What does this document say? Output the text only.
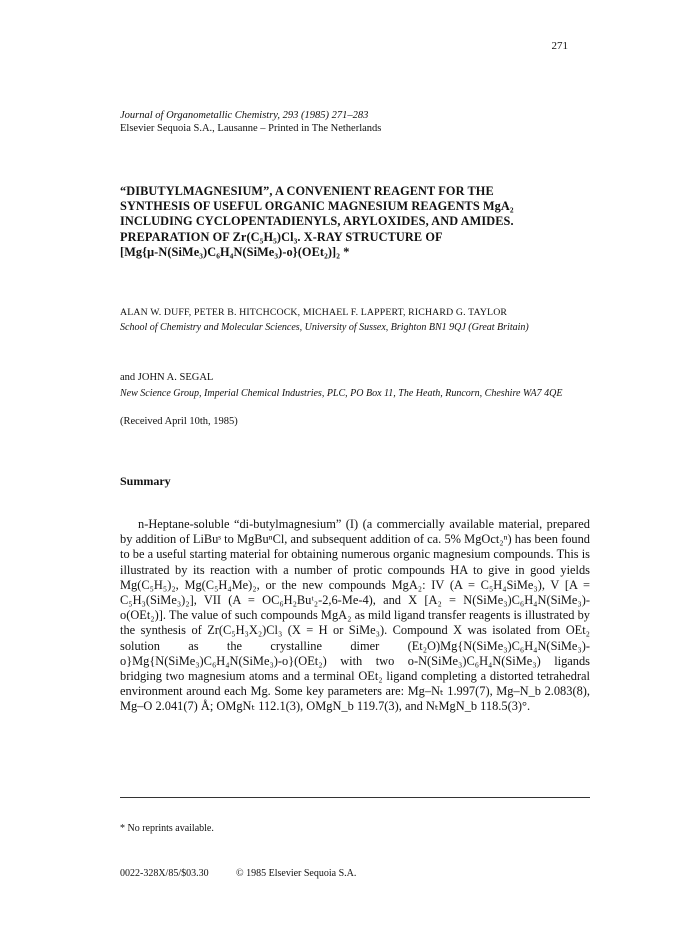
271
Journal of Organometallic Chemistry, 293 (1985) 271–283
Elsevier Sequoia S.A., Lausanne – Printed in The Netherlands
“DIBUTYLMAGNESIUM”, A CONVENIENT REAGENT FOR THE
SYNTHESIS OF USEFUL ORGANIC MAGNESIUM REAGENTS MgA₂
INCLUDING CYCLOPENTADIENYLS, ARYLOXIDES, AND AMIDES.
PREPARATION OF Zr(C₅H₅)Cl₃. X-RAY STRUCTURE OF
[Mg{μ-N(SiMe₃)C₆H₄N(SiMe₃)-o}(OEt₂)]₂ *
ALAN W. DUFF, PETER B. HITCHCOCK, MICHAEL F. LAPPERT, RICHARD G. TAYLOR
School of Chemistry and Molecular Sciences, University of Sussex, Brighton BN1 9QJ (Great Britain)
and JOHN A. SEGAL
New Science Group, Imperial Chemical Industries, PLC, PO Box 11, The Heath, Runcorn, Cheshire WA7 4QE
(Received April 10th, 1985)
Summary

n-Heptane-soluble “di-butylmagnesium” (I) (a commercially available material, prepared by addition of LiBuˢ to MgBuⁿCl, and subsequent addition of ca. 5% MgOct₂ⁿ) has been found to be a useful starting material for obtaining numerous organic magnesium compounds. This is illustrated by its reaction with a number of protic compounds HA to give in good yields Mg(C₅H₅)₂, Mg(C₅H₄Me)₂, or the new compounds MgA₂: IV (A = C₅H₄SiMe₃), V [A = C₅H₃(SiMe₃)₂], VII (A = OC₆H₂Buᵗ₂-2,6-Me-4), and X [A₂ = N(SiMe₃)C₆H₄N(SiMe₃)-o(OEt₂)]. The value of such compounds MgA₂ as mild ligand transfer reagents is illustrated by the synthesis of Zr(C₅H₃X₂)Cl₃ (X = H or SiMe₃). Compound X was isolated from OEt₂ solution as the crystalline dimer (Et₂O)Mg{N(SiMe₃)C₆H₄N(SiMe₃)-o}Mg{N(SiMe₃)C₆H₄N(SiMe₃)-o}(OEt₂) with two o-N(SiMe₃)C₆H₄N(SiMe₃) ligands bridging two magnesium atoms and a terminal OEt₂ ligand completing a distorted tetrahedral environment around each Mg. Some key parameters are: Mg–Nₜ 1.997(7), Mg–N_b 2.083(8), Mg–O 2.041(7) Å; OMgNₜ 112.1(3), OMgN_b 119.7(3), and NₜMgN_b 118.5(3)°.

* No reprints available.
0022-328X/85/$03.30	© 1985 Elsevier Sequoia S.A.
